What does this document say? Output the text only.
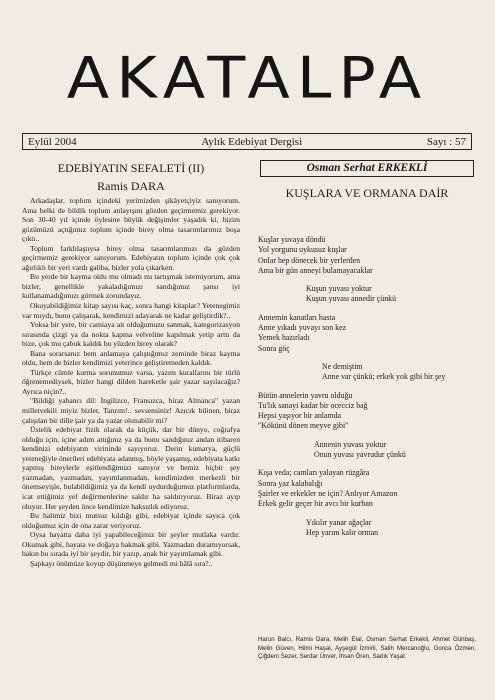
AKATALPA
Eylül 2004	Aylık Edebiyat Dergisi	Sayı : 57
EDEBİYATIN SEFALETİ (II)
Ramis DARA

Arkadaşlar, toplum içindeki yerimizden şikâyetçiyiz sanıyorum. Ama belki de bildik toplum anlayışını gözden geçirmemiz gerekiyor. Son 30-40 yıl içinde öylesine büyük değişimler yaşadık ki, bizim gözümüzü açtığımız toplum içinde birey olma tasarımlarımız boşa çıktı..

Toplum farklılaştıysa birey olma tasarımlarımızı da gözden geçirmemiz gerekiyor sanıyorum. Edebiyatın toplum içinde çok çok ağırlıklı bir yeri vardı galiba, bizler yola çıkarken.

Bu yerde bir kayma oldu mu olmadı mı tartışmak istemiyorum, ama bizler, genellikle yakaladığımızı sandığımız şansı iyi kullanamadığımızı görmek zorundayız.

Okuyabildiğimiz kitap sayısı kaç, sonra hangi kitaplar? Yetenegimiz var mıydı, bunu çalışarak, kendimizi adayarak ne kadar geliştirdik?..

Yoksa bir yere, bir camiaya ait olduğumuzu sanmak, kategorizasyon sırasında çizgi ya da nokta kapma velveline kapılmak yetip arttı da bize, çok mu çabuk kaldık bu yüzden birey olarak?

Bana sorarsanız hem anlamaya çalıştığımız zeminde biraz kayma oldu, hem de bizler kendimizi yeterince geliştiremeden kaldık.

Türkçe cümle kurma sorunumuz varsa, yazım kurallarını bir türlü öğrenemediysek, bizler hangi dilden hareketle şair yazar sayılacağız? Ayrıca niçin?..

"Bildiği yabancı dil: İngilizce, Fransızca, biraz Almanca" yazan milletvekili miyiz bizler, Tanrım!.. sevsensiniz! Azıcık bilinen, biraz çalışılan bir dille şair ya da yazar olunabilir mi?

Üstelik edebiyat fizik olarak da küçük, dar bir dünyo, coğrafya olduğu için, içine adım attığınız ya da bunu sandığınız andan itibaren kendinizi edebiyatın virininde sayıyoruz. Derin kumarya, güçlü yeteneğiyle önerileri edebiyata adanmış, böyle yaşamış, edebiyata katkı yapmış bireylerle eşitlendiğimizi sanıyor ve hemiz hiçbir şey yazmadan, yazmadan, yayımlanmadan, kendimizden merkezli bir önemseyişle, bulabildiğimiz ya da kendi uydurduğumuz platformlarda, icat ettiğimiz yel değirmenlerine saldır ha saldırıyoruz. Biraz ayıp oluyor. Her şeyden önce kendimize haksızlık ediyoruz.

Bu halimiz bizi mutsuz kıldığı gibi, edebiyat içinde sayıca çok olduğumuz için de ona zarar veriyoruz.

Oysa hayatta daha iyi yapabileceğimiz bir şeyler mutlaka vardır. Okumak gibi, hayata ve doğaya bakmak gibi. Yazmadan duramıyorsak, bakın bu sırada iyi bir şeydir, bir yazıp, anak bir yayımlamak gibi.

Şapkayı önümüze koyup düşünmeye gelmedi mi hâlâ sıra?..

Osman Serhat ERKEKLİ
KUŞLARA VE ORMANA DAİR
Kuşlar yuvaya döndü
Yol yorgunu uykusuz kuşlar
Onlar hep dönecek bir yerlerden
Ama bir gün anneyi bulamayacaklar
Kuşun yuvası yoktur
Kuşun yuvası annedir çünkü
Annemin kanatları hasta
Anne yıkadı yuvayı son kez
Yemek hazırladı
Sonra göç
Ne demiştim
Anne var çünkü; erkek yok gibi bir şey
Bütün annelerin yavru olduğu
Tu'lık sanayi kadar bir ocecciz bağ
Hepsi yaşıyor bir anlamda
"Kökünü dönen meyve gibi"
Annenin yuvası yoktur
Onun yuvası yavrudur çünkü
Kışa veda; camları yalayan rüzgâra
Sonra yaz kalabalığı
Şairler ve erkekler ne için? Anlıyor Amazon
Erkek gelir geçer bir avcı bir kurban
Yıkılır yanar ağaçlar
Hep yarım kalır orman
Harun Balcı, Ramis Dara, Melih Elal, Osman Serhat Erkekli, Ahmet Günbaş, Melin Güven, Hilmi Haşal, Ayşegül İzmirli, Salih Mercanoğlu, Gonca Özmen, Çiğdem Sezer, Serdar Ünver, İhsan Ören, Sadık Yaşar.
